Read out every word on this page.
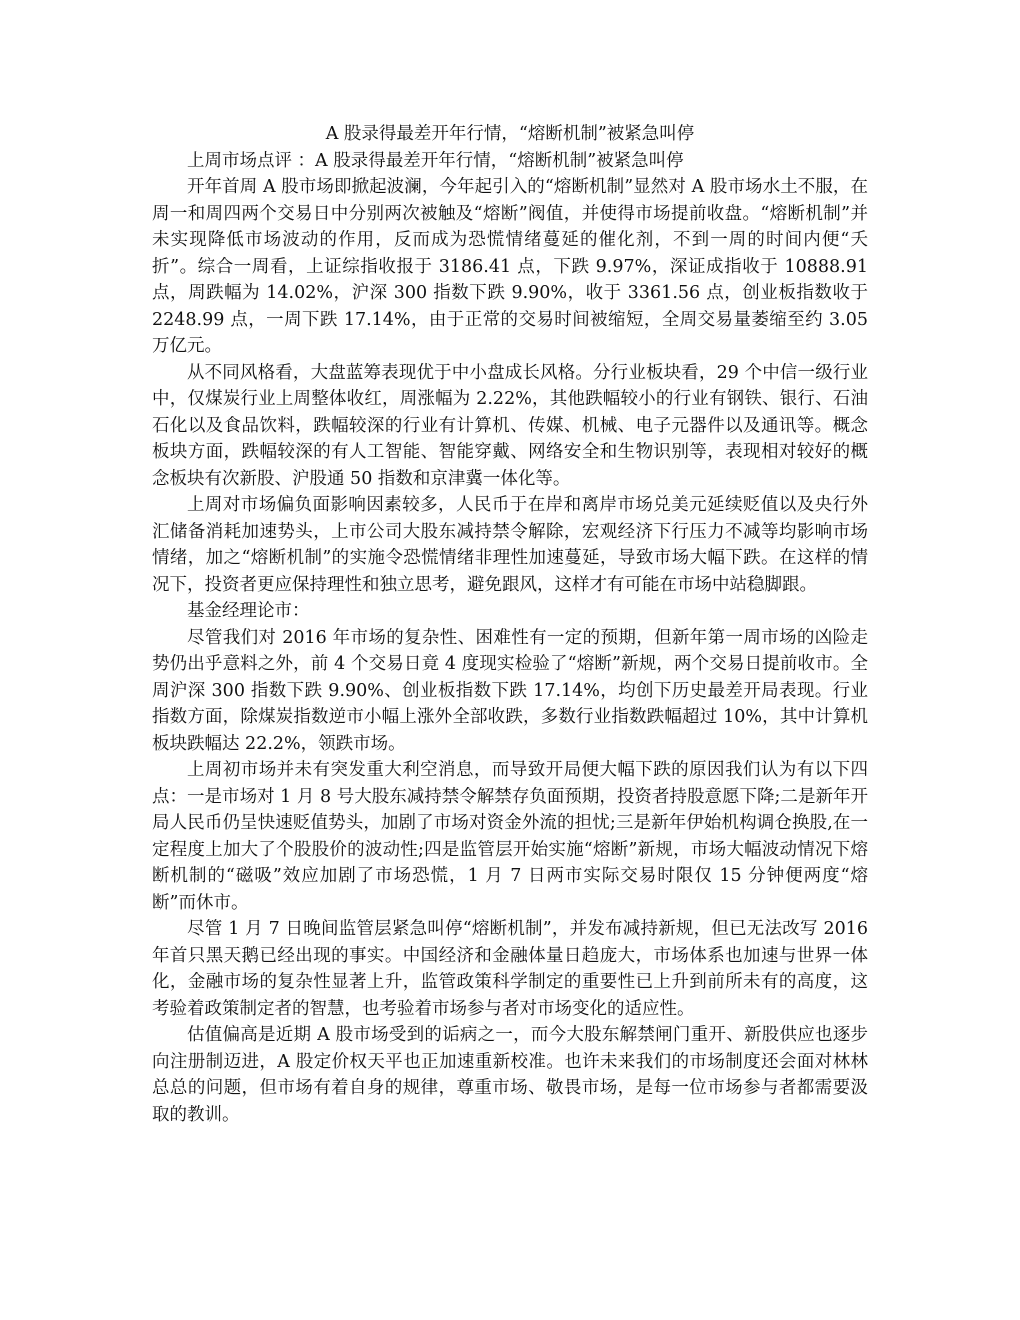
A 股录得最差开年行情，“熔断机制”被紧急叫停

上周市场点评 ：A 股录得最差开年行情，“熔断机制”被紧急叫停

开年首周 A 股市场即掀起波澜，今年起引入的“熔断机制”显然对 A 股市场水土不服，在周一和周四两个交易日中分别两次被触及“熔断”阀值，并使得市场提前收盘。“熔断机制”并未实现降低市场波动的作用，反而成为恐慌情绪蔓延的催化剂，不到一周的时间内便“夭折”。综合一周看，上证综指收报于 3186.41 点，下跌 9.97%，深证成指收于 10888.91 点，周跌幅为 14.02%，沪深 300 指数下跌 9.90%，收于 3361.56 点，创业板指数收于 2248.99 点，一周下跌 17.14%，由于正常的交易时间被缩短，全周交易量萎缩至约 3.05 万亿元。

从不同风格看，大盘蓝筹表现优于中小盘成长风格。分行业板块看，29 个中信一级行业中，仅煤炭行业上周整体收红，周涨幅为 2.22%，其他跌幅较小的行业有钢铁、银行、石油石化以及食品饮料，跌幅较深的行业有计算机、传媒、机械、电子元器件以及通讯等。概念板块方面，跌幅较深的有人工智能、智能穿戴、网络安全和生物识别等，表现相对较好的概念板块有次新股、沪股通 50 指数和京津冀一体化等。

上周对市场偏负面影响因素较多，人民币于在岸和离岸市场兑美元延续贬值以及央行外汇储备消耗加速势头，上市公司大股东减持禁令解除，宏观经济下行压力不减等均影响市场情绪，加之“熔断机制”的实施令恐慌情绪非理性加速蔓延，导致市场大幅下跌。在这样的情况下，投资者更应保持理性和独立思考，避免跟风，这样才有可能在市场中站稳脚跟。

基金经理论市：

尽管我们对 2016 年市场的复杂性、困难性有一定的预期，但新年第一周市场的凶险走势仍出乎意料之外，前 4 个交易日竟 4 度现实检验了“熔断”新规，两个交易日提前收市。全周沪深 300 指数下跌 9.90%、创业板指数下跌 17.14%，均创下历史最差开局表现。行业指数方面，除煤炭指数逆市小幅上涨外全部收跌，多数行业指数跌幅超过 10%，其中计算机板块跌幅达 22.2%，领跌市场。

上周初市场并未有突发重大利空消息，而导致开局便大幅下跌的原因我们认为有以下四点：一是市场对 1 月 8 号大股东减持禁令解禁存负面预期，投资者持股意愿下降;二是新年开局人民币仍呈快速贬值势头，加剧了市场对资金外流的担忧;三是新年伊始机构调仓换股,在一定程度上加大了个股股价的波动性;四是监管层开始实施“熔断”新规，市场大幅波动情况下熔断机制的“磁吸”效应加剧了市场恐慌，1 月 7 日两市实际交易时限仅 15 分钟便两度“熔断”而休市。

尽管 1 月 7 日晚间监管层紧急叫停“熔断机制”，并发布减持新规，但已无法改写 2016 年首只黑天鹅已经出现的事实。中国经济和金融体量日趋庞大，市场体系也加速与世界一体化，金融市场的复杂性显著上升，监管政策科学制定的重要性已上升到前所未有的高度，这考验着政策制定者的智慧，也考验着市场参与者对市场变化的适应性。

估值偏高是近期 A 股市场受到的诟病之一，而今大股东解禁闸门重开、新股供应也逐步向注册制迈进，A 股定价权天平也正加速重新校准。也许未来我们的市场制度还会面对林林总总的问题，但市场有着自身的规律，尊重市场、敬畏市场，是每一位市场参与者都需要汲取的教训。
